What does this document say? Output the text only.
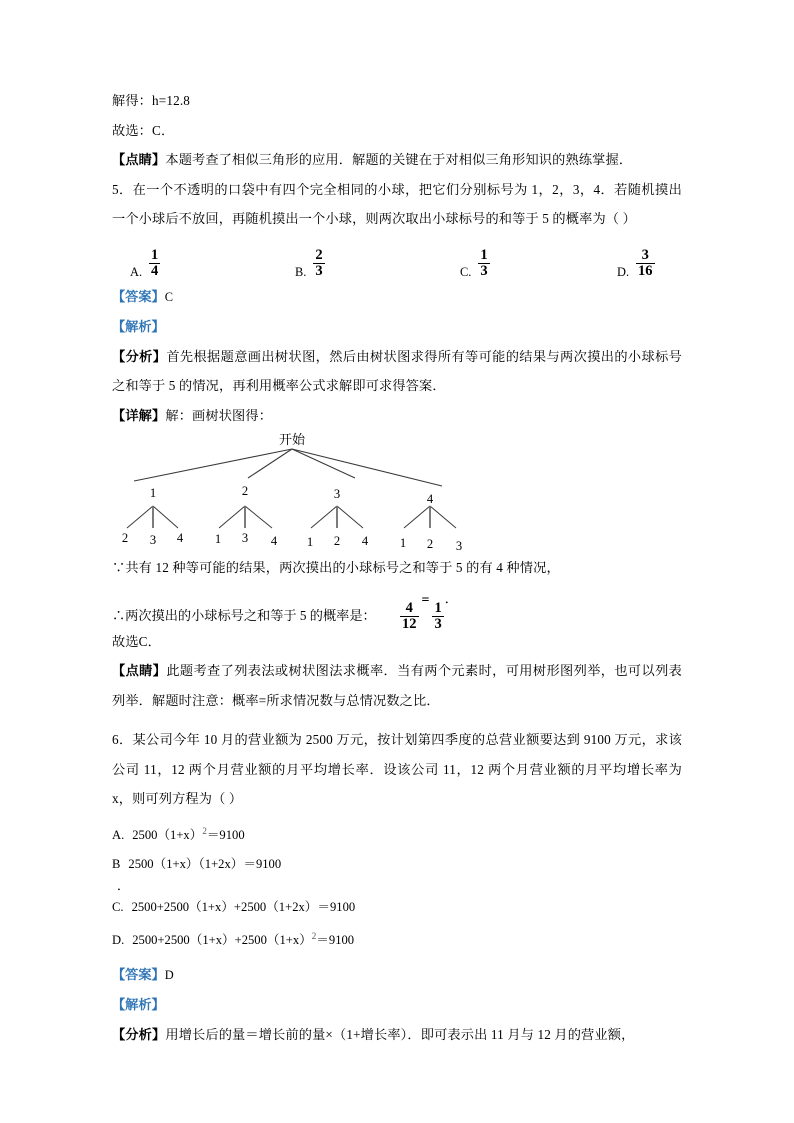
解得：h=12.8
故选：C．
【点睛】本题考查了相似三角形的应用．解题的关键在于对相似三角形知识的熟练掌握．
5．在一个不透明的口袋中有四个完全相同的小球，把它们分别标号为 1，2，3，4．若随机摸出一个小球后不放回，再随机摸出一个小球，则两次取出小球标号的和等于 5 的概率为（ ）
A. $\frac{1}{4}$	B. $\frac{2}{3}$	C. $\frac{1}{3}$	D. $\frac{3}{16}$
【答案】C
【解析】
【分析】首先根据题意画出树状图，然后由树状图求得所有等可能的结果与两次摸出的小球标号之和等于 5 的情况，再利用概率公式求解即可求得答案．
【详解】解：画树状图得：
开始
1	2	3	4
2 3 4	1 3 4 1 2 4	1 2 3
∵共有 12 种等可能的结果，两次摸出的小球标号之和等于 5 的有 4 种情况，
∴两次摸出的小球标号之和等于 5 的概率是： $\frac{4}{12}$
=
$\frac{1}{3}$
．
故选C．
【点睛】此题考查了列表法或树状图法求概率．当有两个元素时，可用树形图列举，也可以列表列举．解题时注意：概率=所求情况数与总情况数之比．
6．某公司今年 10 月的营业额为 2500 万元，按计划第四季度的总营业额要达到 9100 万元，求该公司 11，12 两个月营业额的月平均增长率．设该公司 11，12 两个月营业额的月平均增长率为 x，则可列方程为（ ）
A. $2500(1+x)^2=9100$
B 2500（1+x）（1+2x）＝9100
．
C. 2500+2500（1+x）+2500（1+2x）＝9100
D. $2500+2500(1+x)+2500(1+x)^2=9100$
【答案】D
【解析】
【分析】用增长后的量＝增长前的量×（1+增长率）．即可表示出 11 月与 12 月的营业额，
